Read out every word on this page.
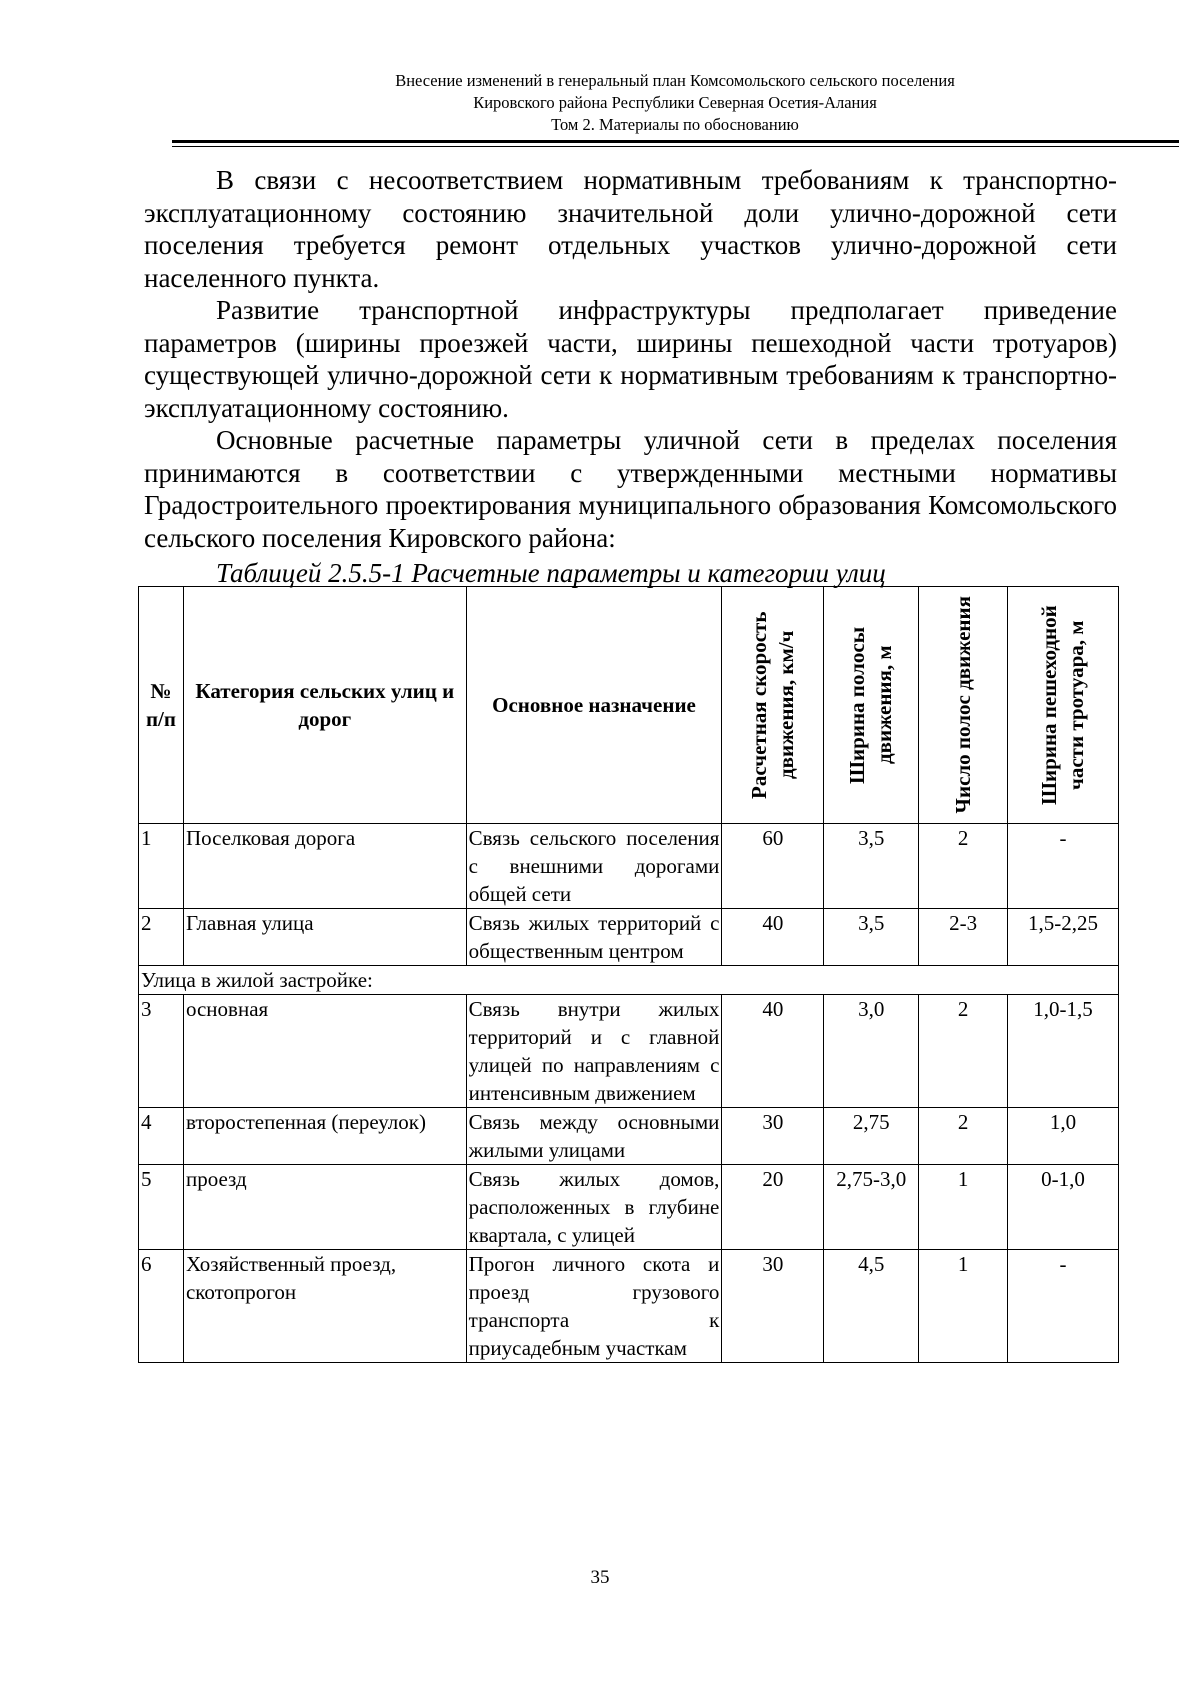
Внесение изменений в генеральный план Комсомольского сельского поселения
Кировского района Республики Северная Осетия-Алания
Том 2. Материалы по обоснованию

В связи с несоответствием нормативным требованиям к транспортно-эксплуатационному состоянию значительной доли улично-дорожной сети поселения требуется ремонт отдельных участков улично-дорожной сети населенного пункта.

Развитие транспортной инфраструктуры предполагает приведение параметров (ширины проезжей части, ширины пешеходной части тротуаров) существующей улично-дорожной сети к нормативным требованиям к транспортно-эксплуатационному состоянию.

Основные расчетные параметры уличной сети в пределах поселения принимаются в соответствии с утвержденными местными нормативы Градостроительного проектирования муниципального образования Комсомольского сельского поселения Кировского района:

Таблицей 2.5.5-1 Расчетные параметры и категории улиц
№ п/п	Категория сельских улиц и дорог	Основное назначение	Расчетная скорость движения, км/ч	Ширина полосы движения, м	Число полос движения	Ширина пешеходной части тротуара, м

1	Поселковая дорога	Связь сельского поселения с внешними дорогами общей сети	60	3,5	2	-
2	Главная улица	Связь жилых территорий с общественным центром	40	3,5	2-3	1,5-2,25
Улица в жилой застройке:						
3	основная	Связь внутри жилых территорий и с главной улицей по направлениям с интенсивным движением	40	3,0	2	1,0-1,5
4	второстепенная (переулок)	Связь между основными жилыми улицами	30	2,75	2	1,0
5	проезд	Связь жилых домов, расположенных в глубине квартала, с улицей	20	2,75-3,0	1	0-1,0
6	Хозяйственный проезд, скотопрогон	Прогон личного скота и проезд грузового транспорта к приусадебным участкам	30	4,5	1	-
35
